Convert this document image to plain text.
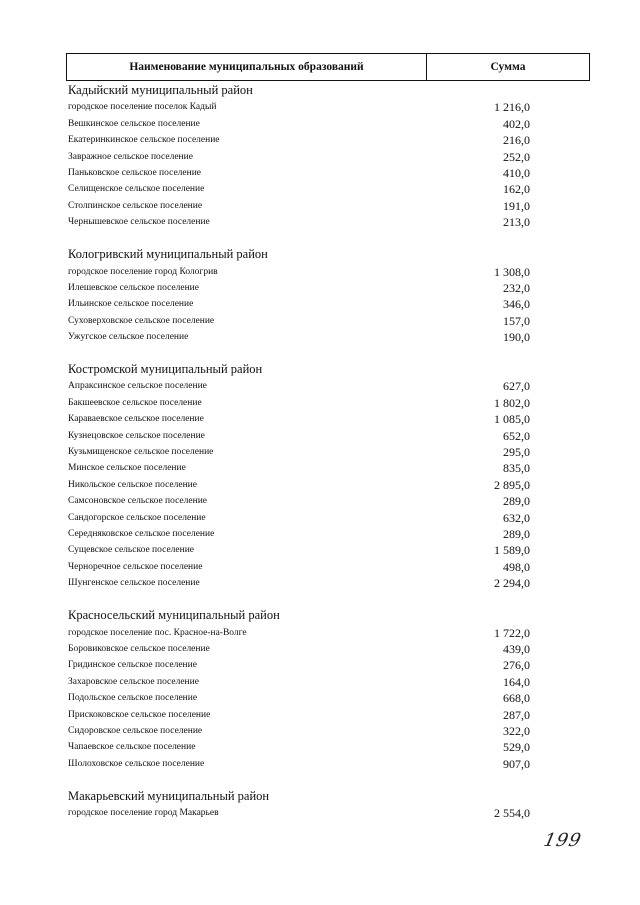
Наименование муниципальных образований	Сумма
Кадыйский муниципальный район
городское поселение поселок Кадый	1 216,0
Вешкинское сельское поселение	402,0
Екатеринкинское сельское поселение	216,0
Завражное сельское поселение	252,0
Паньковское сельское поселение	410,0
Селищенское сельское поселение	162,0
Столпинское сельское поселение	191,0
Чернышевское сельское поселение	213,0
Кологривский муниципальный район
городское поселение город Кологрив	1 308,0
Илешевское сельское поселение	232,0
Ильинское сельское поселение	346,0
Суховерховское сельское поселение	157,0
Ужугское сельское поселение	190,0
Костромской муниципальный район
Апраксинское сельское поселение	627,0
Бакшеевское сельское поселение	1 802,0
Караваевское сельское поселение	1 085,0
Кузнецовское сельское поселение	652,0
Кузьмищенское сельское поселение	295,0
Минское сельское поселение	835,0
Никольское сельское поселение	2 895,0
Самсоновское сельское поселение	289,0
Сандогорское сельское поселение	632,0
Середняковское сельское поселение	289,0
Сущевское сельское поселение	1 589,0
Черноречное сельское поселение	498,0
Шунгенское сельское поселение	2 294,0
Красносельский муниципальный район
городское поселение пос. Красное-на-Волге	1 722,0
Боровиковское сельское поселение	439,0
Гридинское сельское поселение	276,0
Захаровское сельское поселение	164,0
Подольское сельское поселение	668,0
Прискоковское сельское поселение	287,0
Сидоровское сельское поселение	322,0
Чапаевское сельское поселение	529,0
Шолоховское сельское поселение	907,0
Макарьевский муниципальный район
городское поселение город Макарьев	2 554,0
199
